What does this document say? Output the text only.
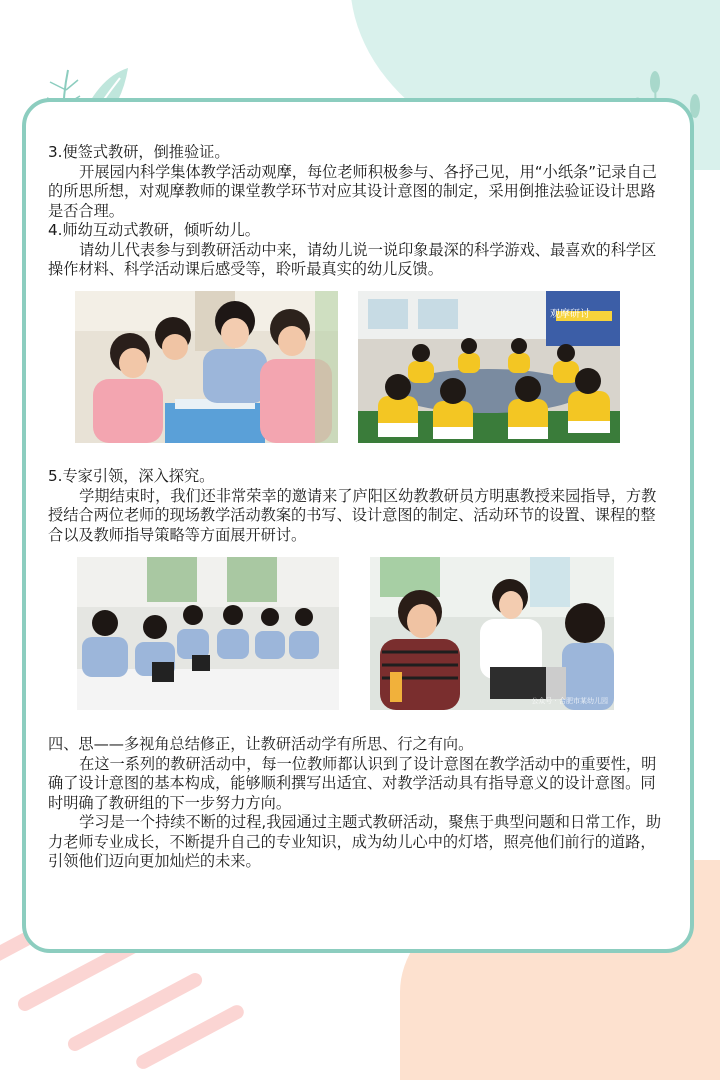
3.便签式教研，倒推验证。

开展园内科学集体教学活动观摩，每位老师积极参与、各抒己见，用“小纸条”记录自己的所思所想，对观摩教师的课堂教学环节对应其设计意图的制定，采用倒推法验证设计思路是否合理。

4.师幼互动式教研，倾听幼儿。

请幼儿代表参与到教研活动中来，请幼儿说一说印象最深的科学游戏、最喜欢的科学区操作材料、科学活动课后感受等，聆听最真实的幼儿反馈。

观摩研讨

5.专家引领，深入探究。

学期结束时，我们还非常荣幸的邀请来了庐阳区幼教教研员方明惠教授来园指导，方教授结合两位老师的现场教学活动教案的书写、设计意图的制定、活动环节的设置、课程的整合以及教师指导策略等方面展开研讨。

公众号 · 合肥市某幼儿园

四、思——多视角总结修正，让教研活动学有所思、行之有向。

在这一系列的教研活动中，每一位教师都认识到了设计意图在教学活动中的重要性，明确了设计意图的基本构成，能够顺利撰写出适宜、对教学活动具有指导意义的设计意图。同时明确了教研组的下一步努力方向。

学习是一个持续不断的过程,我园通过主题式教研活动，聚焦于典型问题和日常工作，助力老师专业成长，不断提升自己的专业知识，成为幼儿心中的灯塔，照亮他们前行的道路，引领他们迈向更加灿烂的未来。
